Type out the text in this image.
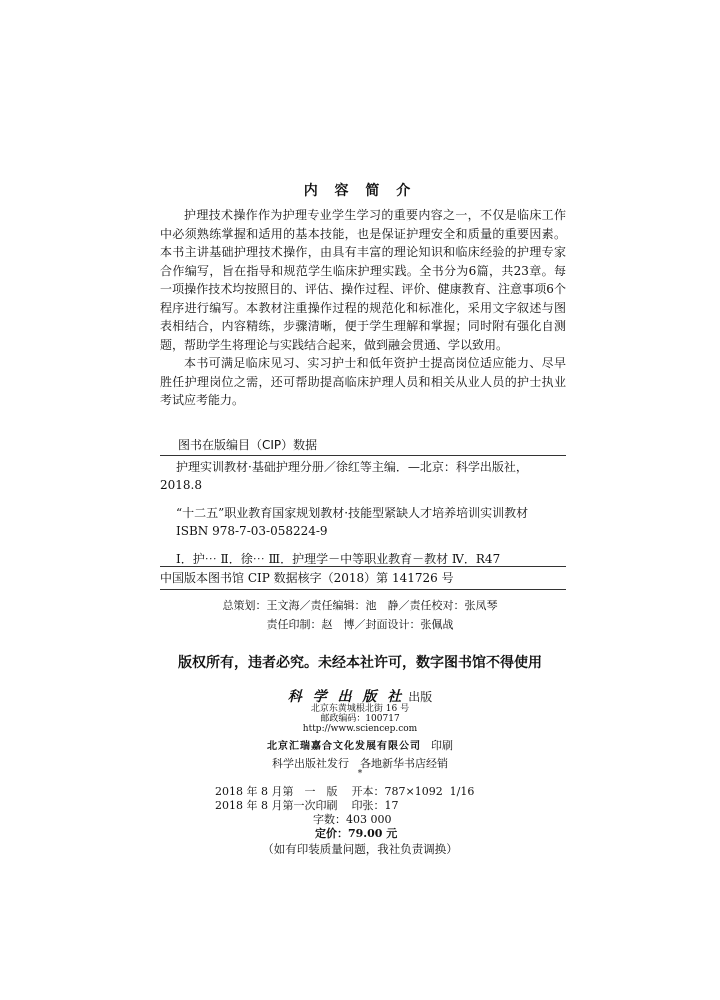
内 容 简 介

护理技术操作作为护理专业学生学习的重要内容之一，不仅是临床工作中必须熟练掌握和适用的基本技能，也是保证护理安全和质量的重要因素。本书主讲基础护理技术操作，由具有丰富的理论知识和临床经验的护理专家合作编写，旨在指导和规范学生临床护理实践。全书分为6篇，共23章。每一项操作技术均按照目的、评估、操作过程、评价、健康教育、注意事项6个程序进行编写。本教材注重操作过程的规范化和标准化，采用文字叙述与图表相结合，内容精练，步骤清晰，便于学生理解和掌握；同时附有强化自测题，帮助学生将理论与实践结合起来，做到融会贯通、学以致用。

本书可满足临床见习、实习护士和低年资护士提高岗位适应能力、尽早胜任护理岗位之需，还可帮助提高临床护理人员和相关从业人员的护士执业考试应考能力。

图书在版编目（CIP）数据

护理实训教材·基础护理分册／徐红等主编．—北京：科学出版社，

2018.8

“十二五”职业教育国家规划教材·技能型紧缺人才培养培训实训教材

ISBN 978-7-03-058224-9

Ⅰ．护⋯ Ⅱ．徐⋯ Ⅲ．护理学－中等职业教育－教材 Ⅳ．R47

中国版本图书馆 CIP 数据核字（2018）第 141726 号
总策划：王文海／责任编辑：池　静／责任校对：张凤琴
责任印制：赵　博／封面设计：张佩战
版权所有，违者必究。未经本社许可，数字图书馆不得使用
科 学 出 版 社 出版
北京东黄城根北街 16 号
邮政编码：100717
http://www.sciencep.com
北京汇瑞嘉合文化发展有限公司 印刷
科学出版社发行　各地新华书店经销
*
2018 年 8 月第　一　版 开本：787×1092  1/16
2018 年 8 月第一次印刷 印张：17
字数：403 000
定价：79.00 元
（如有印装质量问题，我社负责调换）
